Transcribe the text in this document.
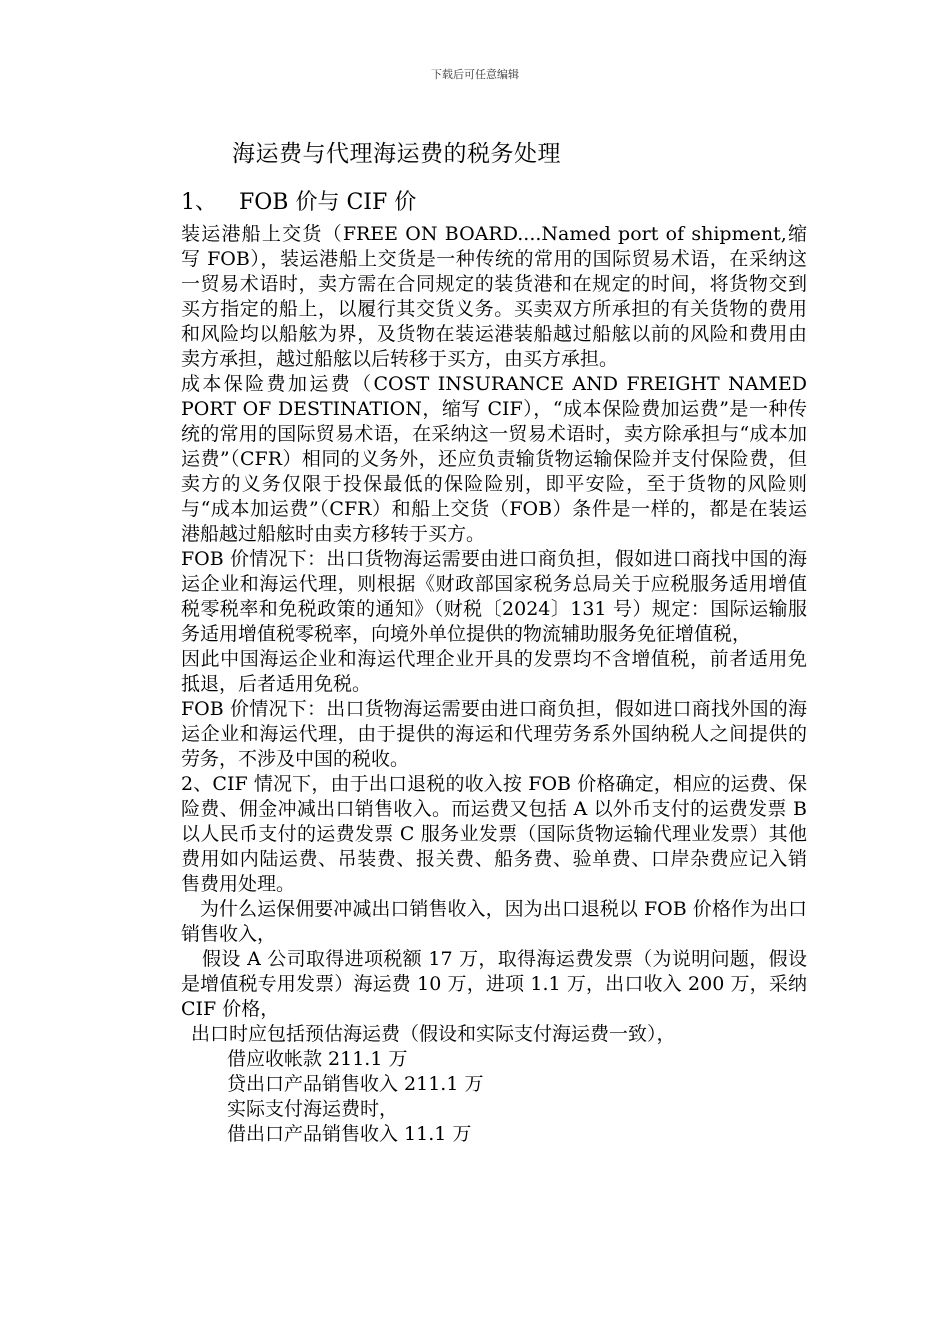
下载后可任意编辑
海运费与代理海运费的税务处理
1、 FOB 价与 CIF 价

装运港船上交货（FREE ON BOARD....Named port of shipment,缩写 FOB），装运港船上交货是一种传统的常用的国际贸易术语，在采纳这一贸易术语时，卖方需在合同规定的装货港和在规定的时间，将货物交到买方指定的船上，以履行其交货义务。买卖双方所承担的有关货物的费用和风险均以船舷为界，及货物在装运港装船越过船舷以前的风险和费用由卖方承担，越过船舷以后转移于买方，由买方承担。

成本保险费加运费（COST INSURANCE AND FREIGHT NAMED PORT OF DESTINATION，缩写 CIF），“成本保险费加运费”是一种传统的常用的国际贸易术语，在采纳这一贸易术语时，卖方除承担与“成本加运费”（CFR）相同的义务外，还应负责输货物运输保险并支付保险费，但卖方的义务仅限于投保最低的保险险别，即平安险，至于货物的风险则与“成本加运费”（CFR）和船上交货（FOB）条件是一样的，都是在装运港船越过船舷时由卖方移转于买方。

FOB 价情况下：出口货物海运需要由进口商负担，假如进口商找中国的海运企业和海运代理，则根据《财政部国家税务总局关于应税服务适用增值税零税率和免税政策的通知》（财税〔2024〕131 号）规定：国际运输服务适用增值税零税率，向境外单位提供的物流辅助服务免征增值税，

因此中国海运企业和海运代理企业开具的发票均不含增值税，前者适用免抵退，后者适用免税。

FOB 价情况下：出口货物海运需要由进口商负担，假如进口商找外国的海运企业和海运代理，由于提供的海运和代理劳务系外国纳税人之间提供的劳务，不涉及中国的税收。

2、CIF 情况下，由于出口退税的收入按 FOB 价格确定，相应的运费、保险费、佣金冲减出口销售收入。而运费又包括 A 以外币支付的运费发票 B 以人民币支付的运费发票 C 服务业发票（国际货物运输代理业发票）其他费用如内陆运费、吊装费、报关费、船务费、验单费、口岸杂费应记入销售费用处理。

为什么运保佣要冲减出口销售收入，因为出口退税以 FOB 价格作为出口销售收入，

假设 A 公司取得进项税额 17 万，取得海运费发票（为说明问题，假设是增值税专用发票）海运费 10 万，进项 1.1 万，出口收入 200 万，采纳 CIF 价格，

出口时应包括预估海运费（假设和实际支付海运费一致），

借应收帐款 211.1 万

贷出口产品销售收入 211.1 万

实际支付海运费时，

借出口产品销售收入 11.1 万
